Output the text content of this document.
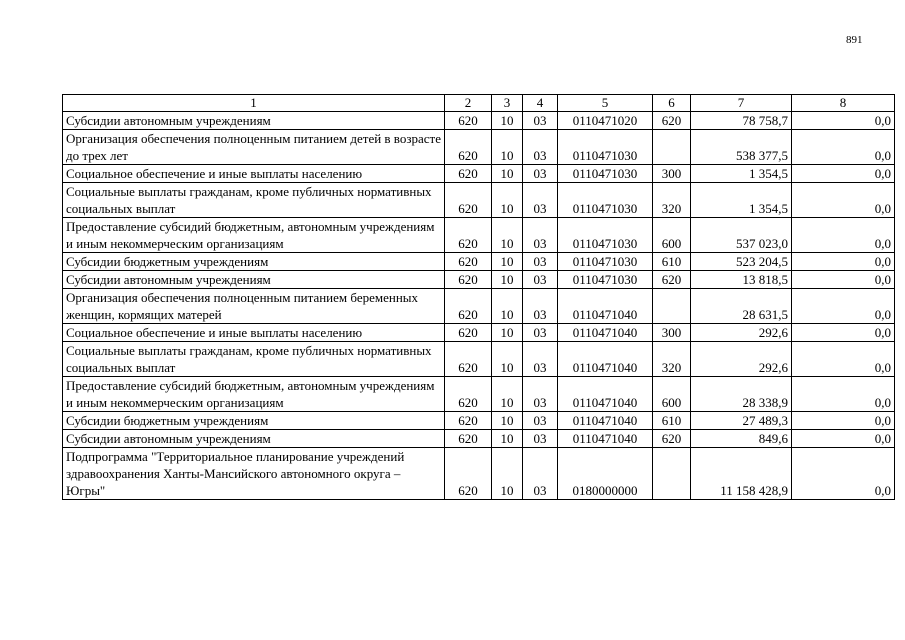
891
1	2	3	4	5	6	7	8
Субсидии автономным учреждениям	620	10	03	0110471020	620	78 758,7	0,0
Организация обеспечения полноценным питанием детей в возрасте до трех лет	620	10	03	0110471030		538 377,5	0,0
Социальное обеспечение и иные выплаты населению	620	10	03	0110471030	300	1 354,5	0,0
Социальные выплаты гражданам, кроме публичных нормативных социальных выплат	620	10	03	0110471030	320	1 354,5	0,0
Предоставление субсидий бюджетным, автономным учреждениям и иным некоммерческим организациям	620	10	03	0110471030	600	537 023,0	0,0
Субсидии бюджетным учреждениям	620	10	03	0110471030	610	523 204,5	0,0
Субсидии автономным учреждениям	620	10	03	0110471030	620	13 818,5	0,0
Организация обеспечения полноценным питанием беременных женщин, кормящих матерей	620	10	03	0110471040		28 631,5	0,0
Социальное обеспечение и иные выплаты населению	620	10	03	0110471040	300	292,6	0,0
Социальные выплаты гражданам, кроме публичных нормативных социальных выплат	620	10	03	0110471040	320	292,6	0,0
Предоставление субсидий бюджетным, автономным учреждениям и иным некоммерческим организациям	620	10	03	0110471040	600	28 338,9	0,0
Субсидии бюджетным учреждениям	620	10	03	0110471040	610	27 489,3	0,0
Субсидии автономным учреждениям	620	10	03	0110471040	620	849,6	0,0
Подпрограмма "Территориальное планирование учреждений здравоохранения Ханты-Мансийского автономного округа – Югры"	620	10	03	0180000000		11 158 428,9	0,0
